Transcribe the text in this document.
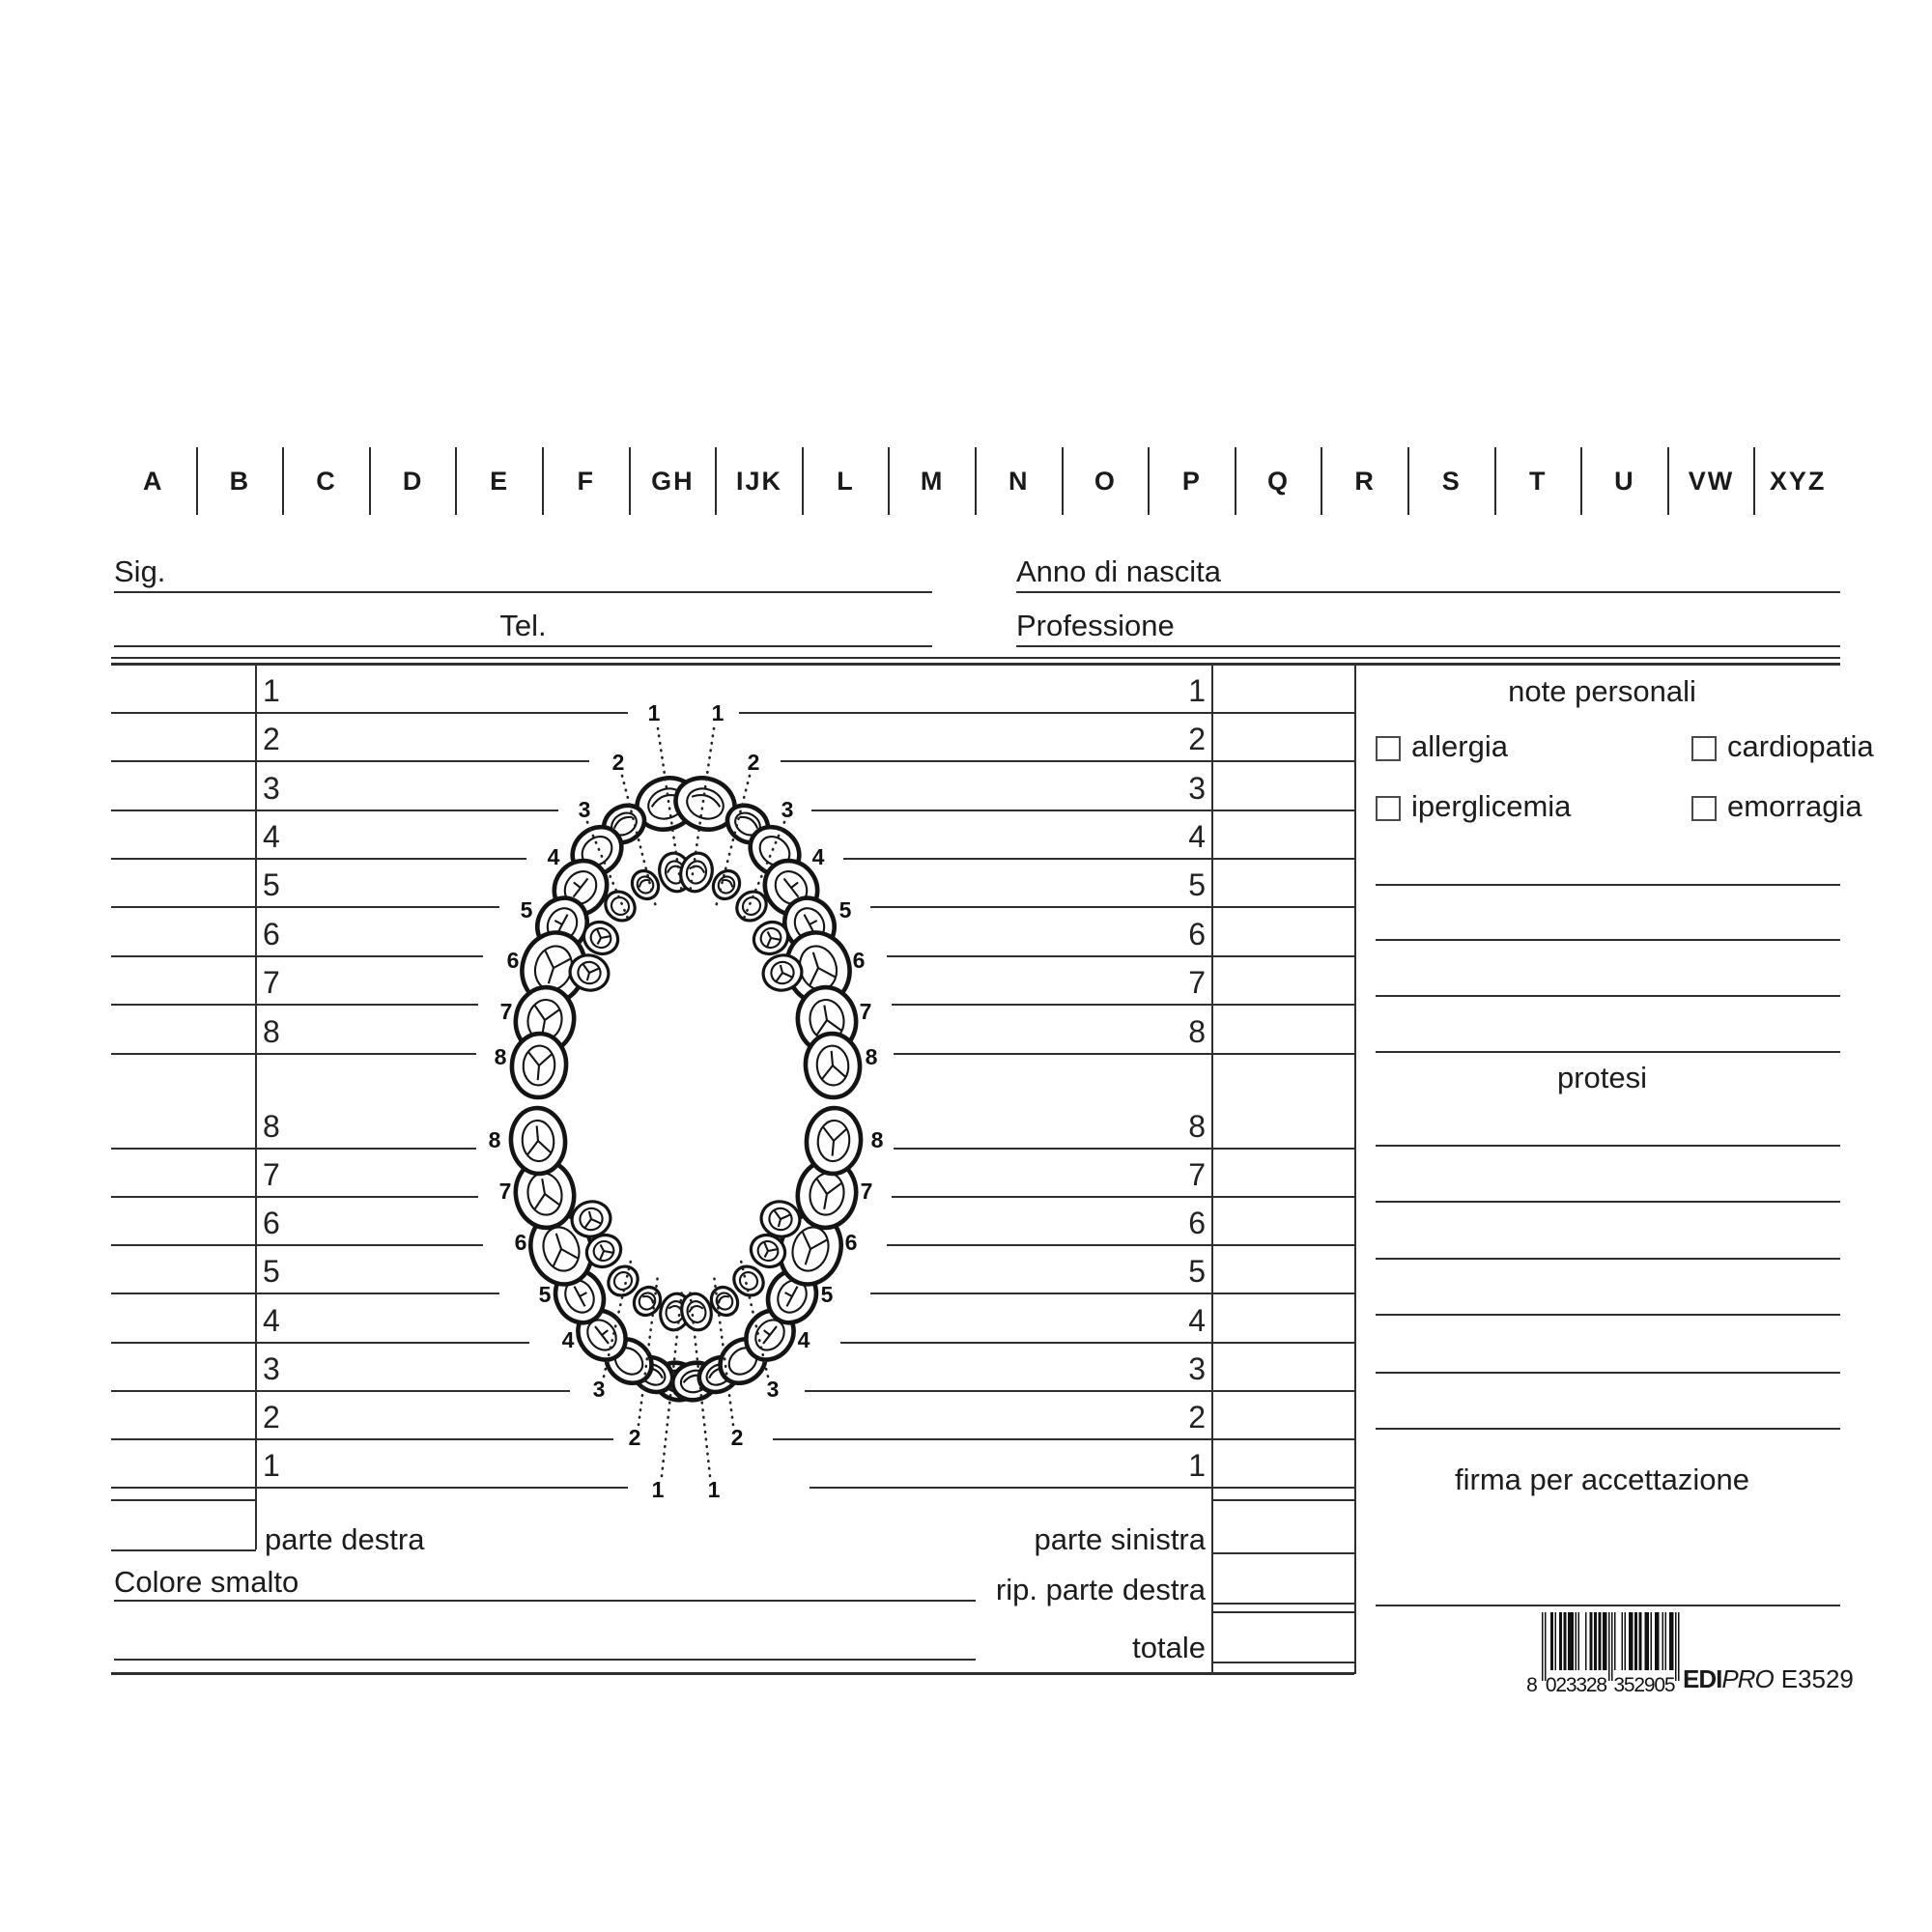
A	B	C	D	E	F	GH	IJK	L	M	N	O	P	Q	R	S	T	U	VW	XYZ
Sig.	Anno di nascita
Tel.	Professione
1	1
2	2
3	3
4	4
5	5
6	6
7	7
8	8
8	8
7	7
6	6
5	5
4	4
3	3
2	2
1	1
parte destra
Colore smalto
parte sinistra
rip. parte destra
totale
note personali
allergia	cardiopatia
iperglicemia	emorragia
protesi
firma per accettazione
1 1
2	2
3	3
4	4
5	5
6	6
7	7
8	8
1 1
2	2
3	3
4	4
5	5
6	6
7	7
8	8
8 0
2
3
3
2
8 3
5
2
9
0
5 EDIPRO E3529
